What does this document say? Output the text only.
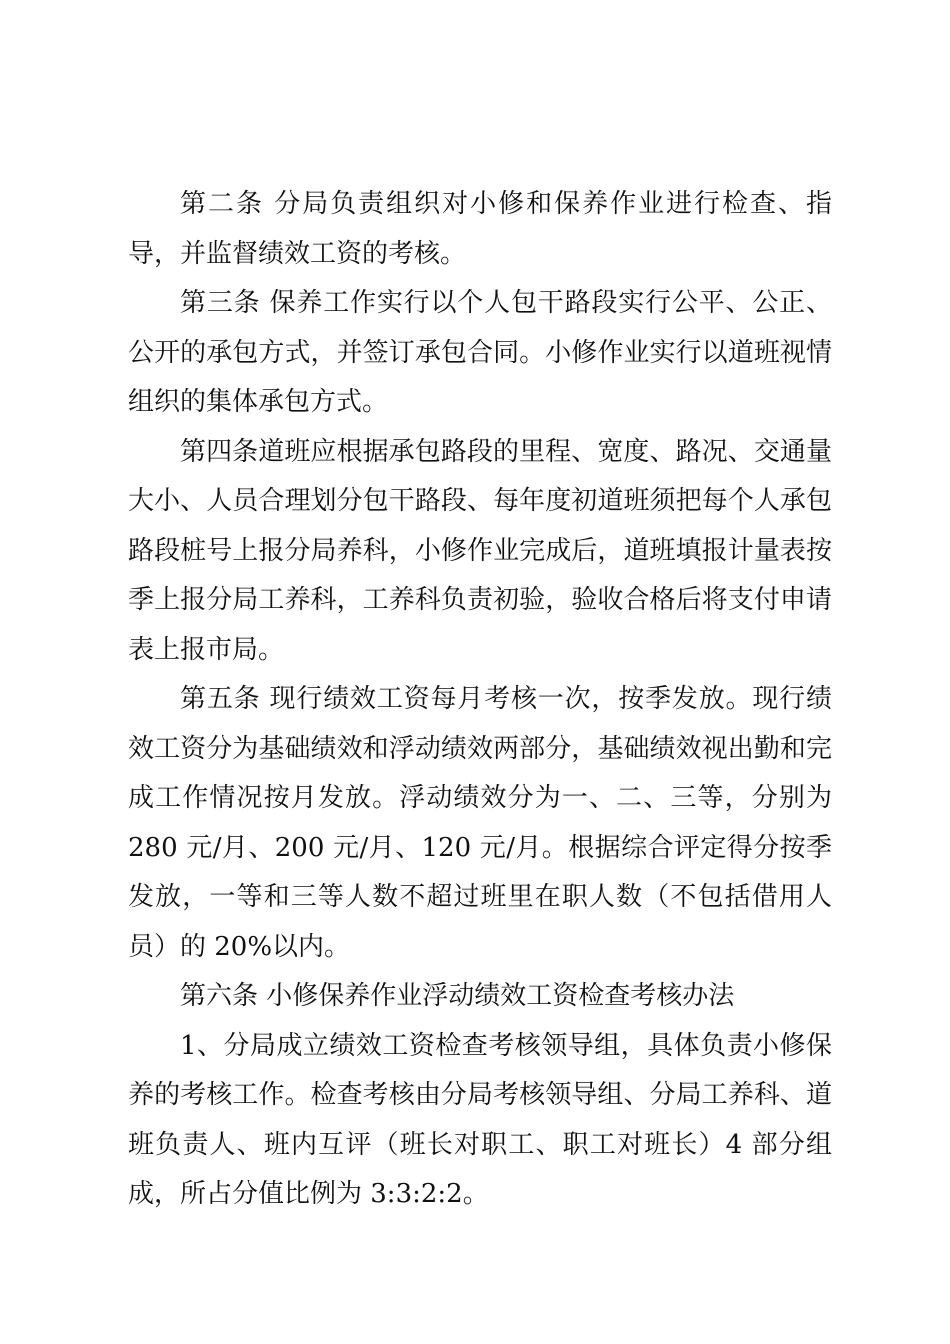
第二条 分局负责组织对小修和保养作业进行检查、指导，并监督绩效工资的考核。

第三条 保养工作实行以个人包干路段实行公平、公正、公开的承包方式，并签订承包合同。小修作业实行以道班视情组织的集体承包方式。

第四条道班应根据承包路段的里程、宽度、路况、交通量大小、人员合理划分包干路段、每年度初道班须把每个人承包路段桩号上报分局养科，小修作业完成后，道班填报计量表按季上报分局工养科，工养科负责初验，验收合格后将支付申请表上报市局。

第五条 现行绩效工资每月考核一次，按季发放。现行绩效工资分为基础绩效和浮动绩效两部分，基础绩效视出勤和完成工作情况按月发放。浮动绩效分为一、二、三等，分别为 280 元/月、200 元/月、120 元/月。根据综合评定得分按季发放，一等和三等人数不超过班里在职人数（不包括借用人员）的 20%以内。

第六条 小修保养作业浮动绩效工资检查考核办法

1、分局成立绩效工资检查考核领导组，具体负责小修保养的考核工作。检查考核由分局考核领导组、分局工养科、道班负责人、班内互评（班长对职工、职工对班长）4 部分组成，所占分值比例为 3:3:2:2。
